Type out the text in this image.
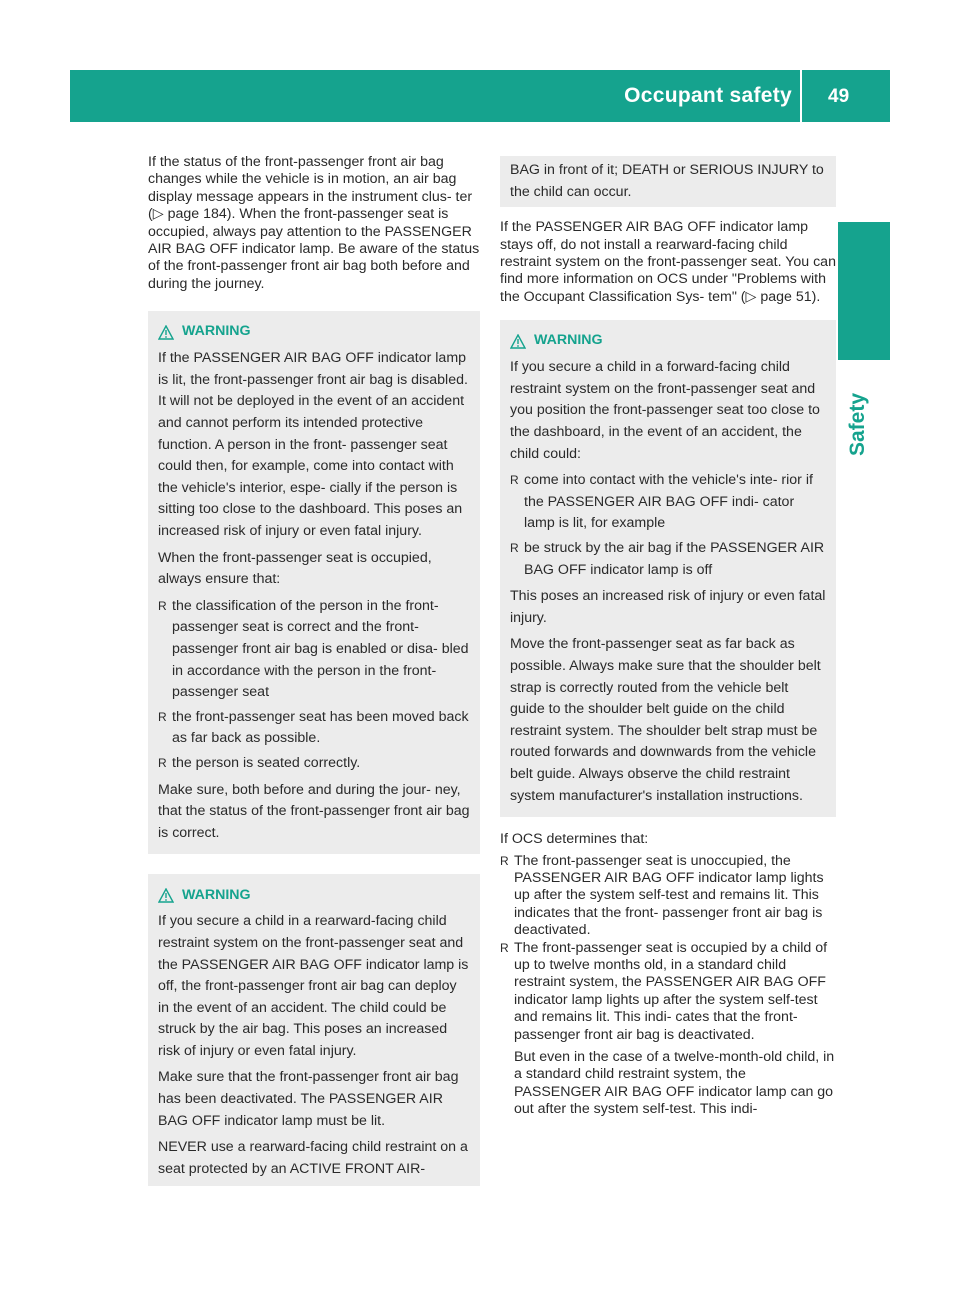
Occupant safety 49
Safety

If the status of the front-passenger front air bag changes while the vehicle is in motion, an air bag display message appears in the instrument clus- ter (▷ page 184). When the front-passenger seat is occupied, always pay attention to the PASSENGER AIR BAG OFF indicator lamp. Be aware of the status of the front-passenger front air bag both before and during the journey.

WARNING

If the PASSENGER AIR BAG OFF indicator lamp is lit, the front-passenger front air bag is disabled. It will not be deployed in the event of an accident and cannot perform its intended protective function. A person in the front- passenger seat could then, for example, come into contact with the vehicle's interior, espe- cially if the person is sitting too close to the dashboard. This poses an increased risk of injury or even fatal injury.

When the front-passenger seat is occupied, always ensure that:

R the classification of the person in the front- passenger seat is correct and the front- passenger front air bag is enabled or disa- bled in accordance with the person in the front-passenger seat
R the front-passenger seat has been moved back as far back as possible.
R the person is seated correctly.

Make sure, both before and during the jour- ney, that the status of the front-passenger front air bag is correct.

WARNING

If you secure a child in a rearward-facing child restraint system on the front-passenger seat and the PASSENGER AIR BAG OFF indicator lamp is off, the front-passenger front air bag can deploy in the event of an accident. The child could be struck by the air bag. This poses an increased risk of injury or even fatal injury.

Make sure that the front-passenger front air bag has been deactivated. The PASSENGER AIR BAG OFF indicator lamp must be lit.

NEVER use a rearward-facing child restraint on a seat protected by an ACTIVE FRONT AIR-

BAG in front of it; DEATH or SERIOUS INJURY to the child can occur.

If the PASSENGER AIR BAG OFF indicator lamp stays off, do not install a rearward-facing child restraint system on the front-passenger seat. You can find more information on OCS under "Problems with the Occupant Classification Sys- tem" (▷ page 51).

WARNING

If you secure a child in a forward-facing child restraint system on the front-passenger seat and you position the front-passenger seat too close to the dashboard, in the event of an accident, the child could:

R come into contact with the vehicle's inte- rior if the PASSENGER AIR BAG OFF indi- cator lamp is lit, for example
R be struck by the air bag if the PASSENGER AIR BAG OFF indicator lamp is off

This poses an increased risk of injury or even fatal injury.

Move the front-passenger seat as far back as possible. Always make sure that the shoulder belt strap is correctly routed from the vehicle belt guide to the shoulder belt guide on the child restraint system. The shoulder belt strap must be routed forwards and downwards from the vehicle belt guide. Always observe the child restraint system manufacturer's installation instructions.

If OCS determines that:

R The front-passenger seat is unoccupied, the PASSENGER AIR BAG OFF indicator lamp lights up after the system self-test and remains lit. This indicates that the front- passenger front air bag is deactivated.
R The front-passenger seat is occupied by a child of up to twelve months old, in a standard child restraint system, the PASSENGER AIR BAG OFF indicator lamp lights up after the system self-test and remains lit. This indi- cates that the front-passenger front air bag is deactivated.

But even in the case of a twelve-month-old child, in a standard child restraint system, the PASSENGER AIR BAG OFF indicator lamp can go out after the system self-test. This indi-
